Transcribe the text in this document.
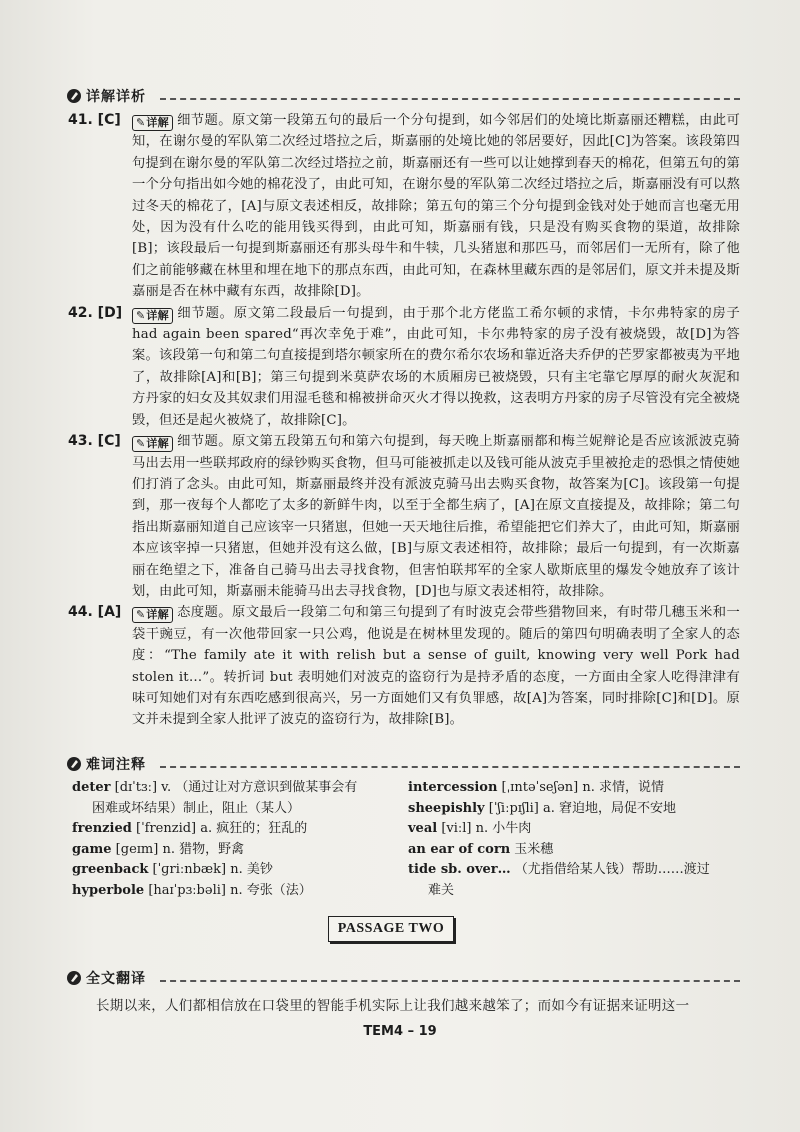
详解详析
41. [C]	✎详解 细节题。原文第一段第五句的最后一个分句提到，如今邻居们的处境比斯嘉丽还糟糕，由此可知，在谢尔曼的军队第二次经过塔拉之后，斯嘉丽的处境比她的邻居要好，因此[C]为答案。该段第四句提到在谢尔曼的军队第二次经过塔拉之前，斯嘉丽还有一些可以让她撑到春天的棉花，但第五句的第一个分句指出如今她的棉花没了，由此可知，在谢尔曼的军队第二次经过塔拉之后，斯嘉丽没有可以熬过冬天的棉花了，[A]与原文表述相反，故排除；第五句的第三个分句提到金钱对处于她而言也毫无用处，因为没有什么吃的能用钱买得到，由此可知，斯嘉丽有钱，只是没有购买食物的渠道，故排除[B]；该段最后一句提到斯嘉丽还有那头母牛和牛犊，几头猪崽和那匹马，而邻居们一无所有，除了他们之前能够藏在林里和埋在地下的那点东西，由此可知，在森林里藏东西的是邻居们，原文并未提及斯嘉丽是否在林中藏有东西，故排除[D]。
42. [D]	✎详解 细节题。原文第二段最后一句提到，由于那个北方佬监工希尔顿的求情，卡尔弗特家的房子 had again been spared“再次幸免于难”，由此可知，卡尔弗特家的房子没有被烧毁，故[D]为答案。该段第一句和第二句直接提到塔尔顿家所在的费尔希尔农场和靠近洛夫乔伊的芒罗家都被夷为平地了，故排除[A]和[B]；第三句提到米莫萨农场的木质厢房已被烧毁，只有主宅靠它厚厚的耐火灰泥和方丹家的妇女及其奴隶们用湿毛毯和棉被拼命灭火才得以挽救，这表明方丹家的房子尽管没有完全被烧毁，但还是起火被烧了，故排除[C]。
43. [C]	✎详解 细节题。原文第五段第五句和第六句提到，每天晚上斯嘉丽都和梅兰妮辩论是否应该派波克骑马出去用一些联邦政府的绿钞购买食物，但马可能被抓走以及钱可能从波克手里被抢走的恐惧之情使她们打消了念头。由此可知，斯嘉丽最终并没有派波克骑马出去购买食物，故答案为[C]。该段第一句提到，那一夜每个人都吃了太多的新鲜牛肉，以至于全都生病了，[A]在原文直接提及，故排除；第二句指出斯嘉丽知道自己应该宰一只猪崽，但她一天天地往后推，希望能把它们养大了，由此可知，斯嘉丽本应该宰掉一只猪崽，但她并没有这么做，[B]与原文表述相符，故排除；最后一句提到，有一次斯嘉丽在绝望之下，准备自己骑马出去寻找食物，但害怕联邦军的全家人歇斯底里的爆发令她放弃了该计划，由此可知，斯嘉丽未能骑马出去寻找食物，[D]也与原文表述相符，故排除。
44. [A]	✎详解 态度题。原文最后一段第二句和第三句提到了有时波克会带些猎物回来，有时带几穗玉米和一袋干豌豆，有一次他带回家一只公鸡，他说是在树林里发现的。随后的第四句明确表明了全家人的态度：“The family ate it with relish but a sense of guilt, knowing very well Pork had stolen it…”。转折词 but 表明她们对波克的盗窃行为是持矛盾的态度，一方面由全家人吃得津津有味可知她们对有东西吃感到很高兴，另一方面她们又有负罪感，故[A]为答案，同时排除[C]和[D]。原文并未提到全家人批评了波克的盗窃行为，故排除[B]。
难词注释
deter [dɪˈtɜː] v. （通过让对方意识到做某事会有
困难或坏结果）制止，阻止（某人）
frenzied [ˈfrenzid] a. 疯狂的；狂乱的
game [geɪm] n. 猎物，野禽
greenback [ˈɡriːnbæk] n. 美钞
hyperbole [haɪˈpɜːbəli] n. 夸张（法）
intercession [ˌɪntəˈseʃən] n. 求情，说情
sheepishly [ˈʃiːpɪʃli] a. 窘迫地，局促不安地
veal [viːl] n. 小牛肉
an ear of corn 玉米穗
tide sb. over… （尤指借给某人钱）帮助……渡过
难关
PASSAGE TWO
全文翻译
长期以来，人们都相信放在口袋里的智能手机实际上让我们越来越笨了；而如今有证据来证明这一
TEM4 – 19
